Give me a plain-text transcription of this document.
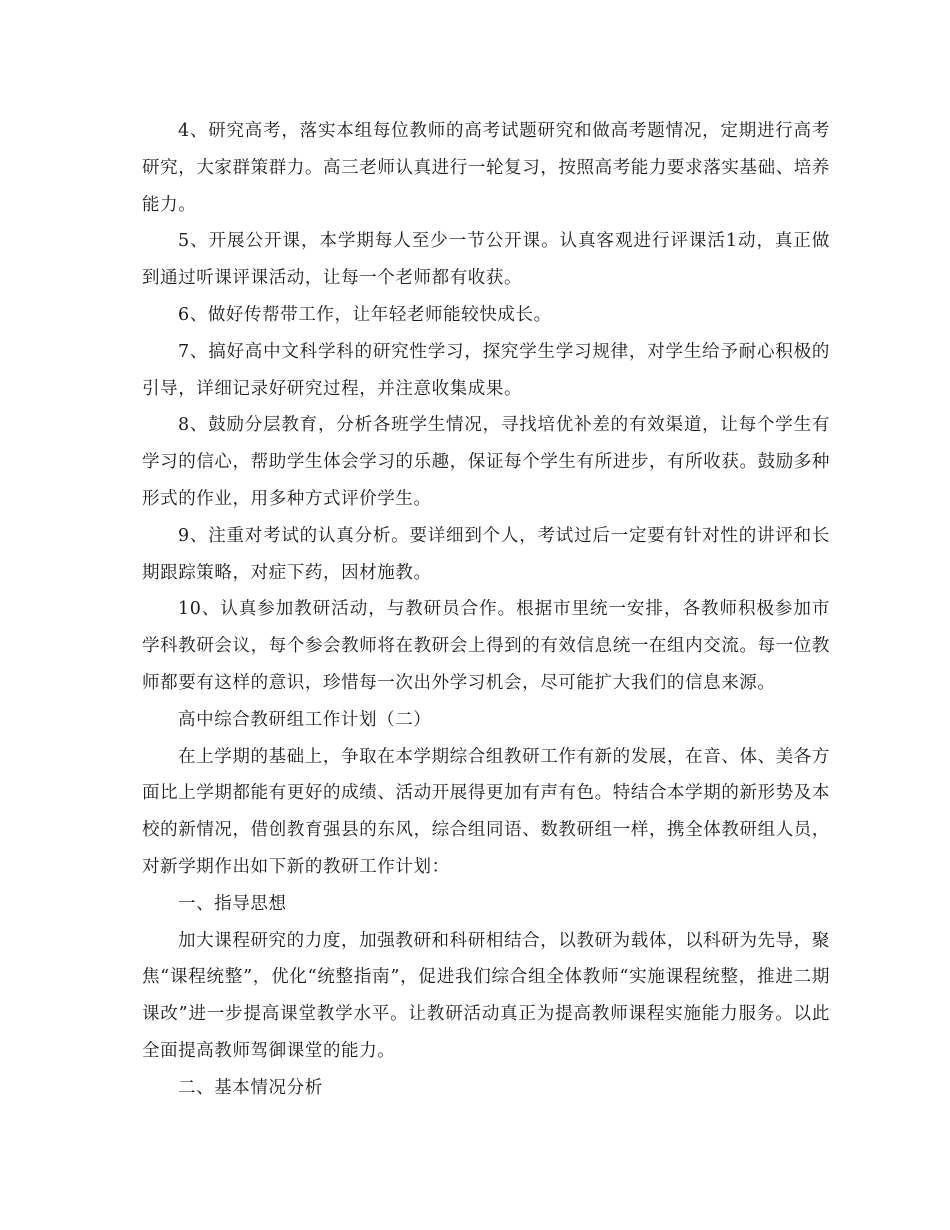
4、研究高考，落实本组每位教师的高考试题研究和做高考题情况，定期进行高考研究，大家群策群力。高三老师认真进行一轮复习，按照高考能力要求落实基础、培养能力。

5、开展公开课，本学期每人至少一节公开课。认真客观进行评课活1动，真正做到通过听课评课活动，让每一个老师都有收获。

6、做好传帮带工作，让年轻老师能较快成长。

7、搞好高中文科学科的研究性学习，探究学生学习规律，对学生给予耐心积极的引导，详细记录好研究过程，并注意收集成果。

8、鼓励分层教育，分析各班学生情况，寻找培优补差的有效渠道，让每个学生有学习的信心，帮助学生体会学习的乐趣，保证每个学生有所进步，有所收获。鼓励多种形式的作业，用多种方式评价学生。

9、注重对考试的认真分析。要详细到个人，考试过后一定要有针对性的讲评和长期跟踪策略，对症下药，因材施教。

10、认真参加教研活动，与教研员合作。根据市里统一安排，各教师积极参加市学科教研会议，每个参会教师将在教研会上得到的有效信息统一在组内交流。每一位教师都要有这样的意识，珍惜每一次出外学习机会，尽可能扩大我们的信息来源。

高中综合教研组工作计划（二）

在上学期的基础上，争取在本学期综合组教研工作有新的发展，在音、体、美各方面比上学期都能有更好的成绩、活动开展得更加有声有色。特结合本学期的新形势及本校的新情况，借创教育强县的东风，综合组同语、数教研组一样，携全体教研组人员，对新学期作出如下新的教研工作计划：

一、指导思想

加大课程研究的力度，加强教研和科研相结合，以教研为载体，以科研为先导，聚焦“课程统整”，优化“统整指南”，促进我们综合组全体教师“实施课程统整，推进二期课改”进一步提高课堂教学水平。让教研活动真正为提高教师课程实施能力服务。以此全面提高教师驾御课堂的能力。

二、基本情况分析
